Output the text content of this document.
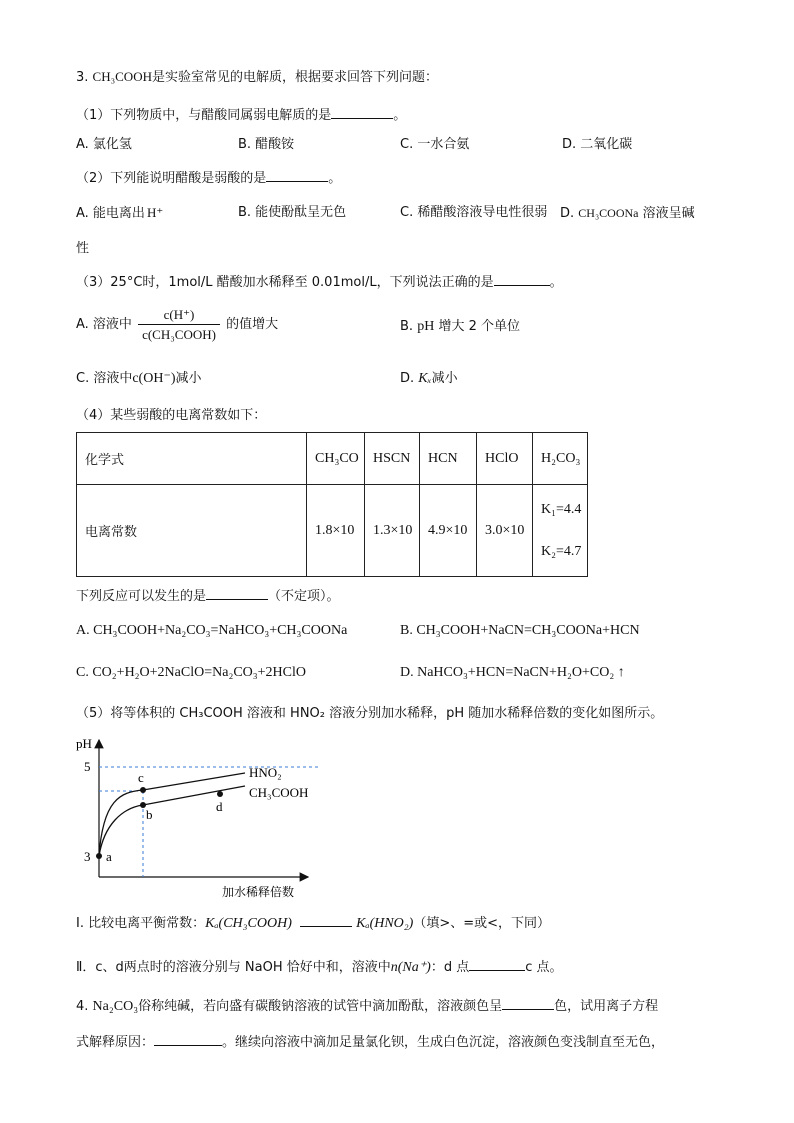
3. CH₃COOH是实验室常见的电解质，根据要求回答下列问题：
（1）下列物质中，与醋酸同属弱电解质的是	。
A. 氯化氢	B. 醋酸铵	C. 一水合氨	D. 二氧化碳
（2）下列能说明醋酸是弱酸的是	。
A. 能电离出 H⁺	B. 能使酚酞呈无色	C. 稀醋酸溶液导电性很弱 D. CH₃COONa 溶液呈碱
性
（3）25°C时，1mol/L 醋酸加水稀释至 0.01mol/L，下列说法正确的是	。
A. 溶液中 $\frac{c(H^+)}{\text{c(CH₃COOH)}}$ 的值增大	B. pH 增大 2 个单位
C. 溶液中c(OH⁻)减小	D. Kₓ减小
（4）某些弱酸的电离常数如下：
化学式	CH₃CO	HSCN	HCN	HClO	H₂CO₃
电离常数	1.8×10	1.3×10	4.9×10	3.0×10	K₁=4.4
K₂=4.7
下列反应可以发生的是	（不定项）。
A. CH₃COOH+Na₂CO₃=NaHCO₃+CH₃COONa	B. CH₃COOH+NaCN=CH₃COONa+HCN
C. CO₂+H₂O+2NaClO=Na₂CO₃+2HClO	D. NaHCO₃+HCN=NaCN+H₂O+CO₂ ↑
（5）将等体积的 CH₃COOH 溶液和 HNO₂ 溶液分别加水稀释，pH 随加水稀释倍数的变化如图所示。
pH
5
3 a
b
c
d
HNO₂
CH₃COOH
加水稀释倍数
I. 比较电离平衡常数：Kₐ(CH₃COOH)	Kₐ(HNO₂)（填>、=或<，下同）
Ⅱ．c、d两点时的溶液分别与 NaOH 恰好中和，溶液中n(Na⁺)：d 点	c 点。
4. Na₂CO₃俗称纯碱，若向盛有碳酸钠溶液的试管中滴加酚酞，溶液颜色呈	色，试用离子方程
式解释原因：	。继续向溶液中滴加足量氯化钡，生成白色沉淀，溶液颜色变浅制直至无色，
